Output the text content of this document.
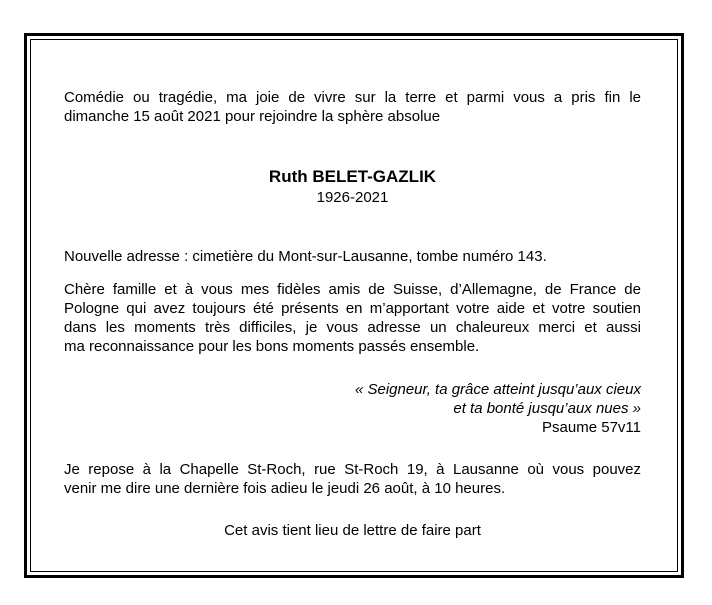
Comédie ou tragédie, ma joie de vivre sur la terre et parmi vous a pris fin le
dimanche 15 août 2021 pour rejoindre la sphère absolue

Ruth BELET-GAZLIK

1926-2021

Nouvelle adresse : cimetière du Mont-sur-Lausanne, tombe numéro 143.

Chère famille et à vous mes fidèles amis de Suisse, d’Allemagne, de France de
Pologne qui avez toujours été présents en m’apportant votre aide et votre soutien
dans les moments très difficiles, je vous adresse un chaleureux merci et aussi
ma reconnaissance pour les bons moments passés ensemble.

« Seigneur, ta grâce atteint jusqu’aux cieux

et ta bonté jusqu’aux nues »

Psaume 57v11

Je repose à la Chapelle St-Roch, rue St-Roch 19, à Lausanne où vous pouvez
venir me dire une dernière fois adieu le jeudi 26 août, à 10 heures.

Cet avis tient lieu de lettre de faire part
